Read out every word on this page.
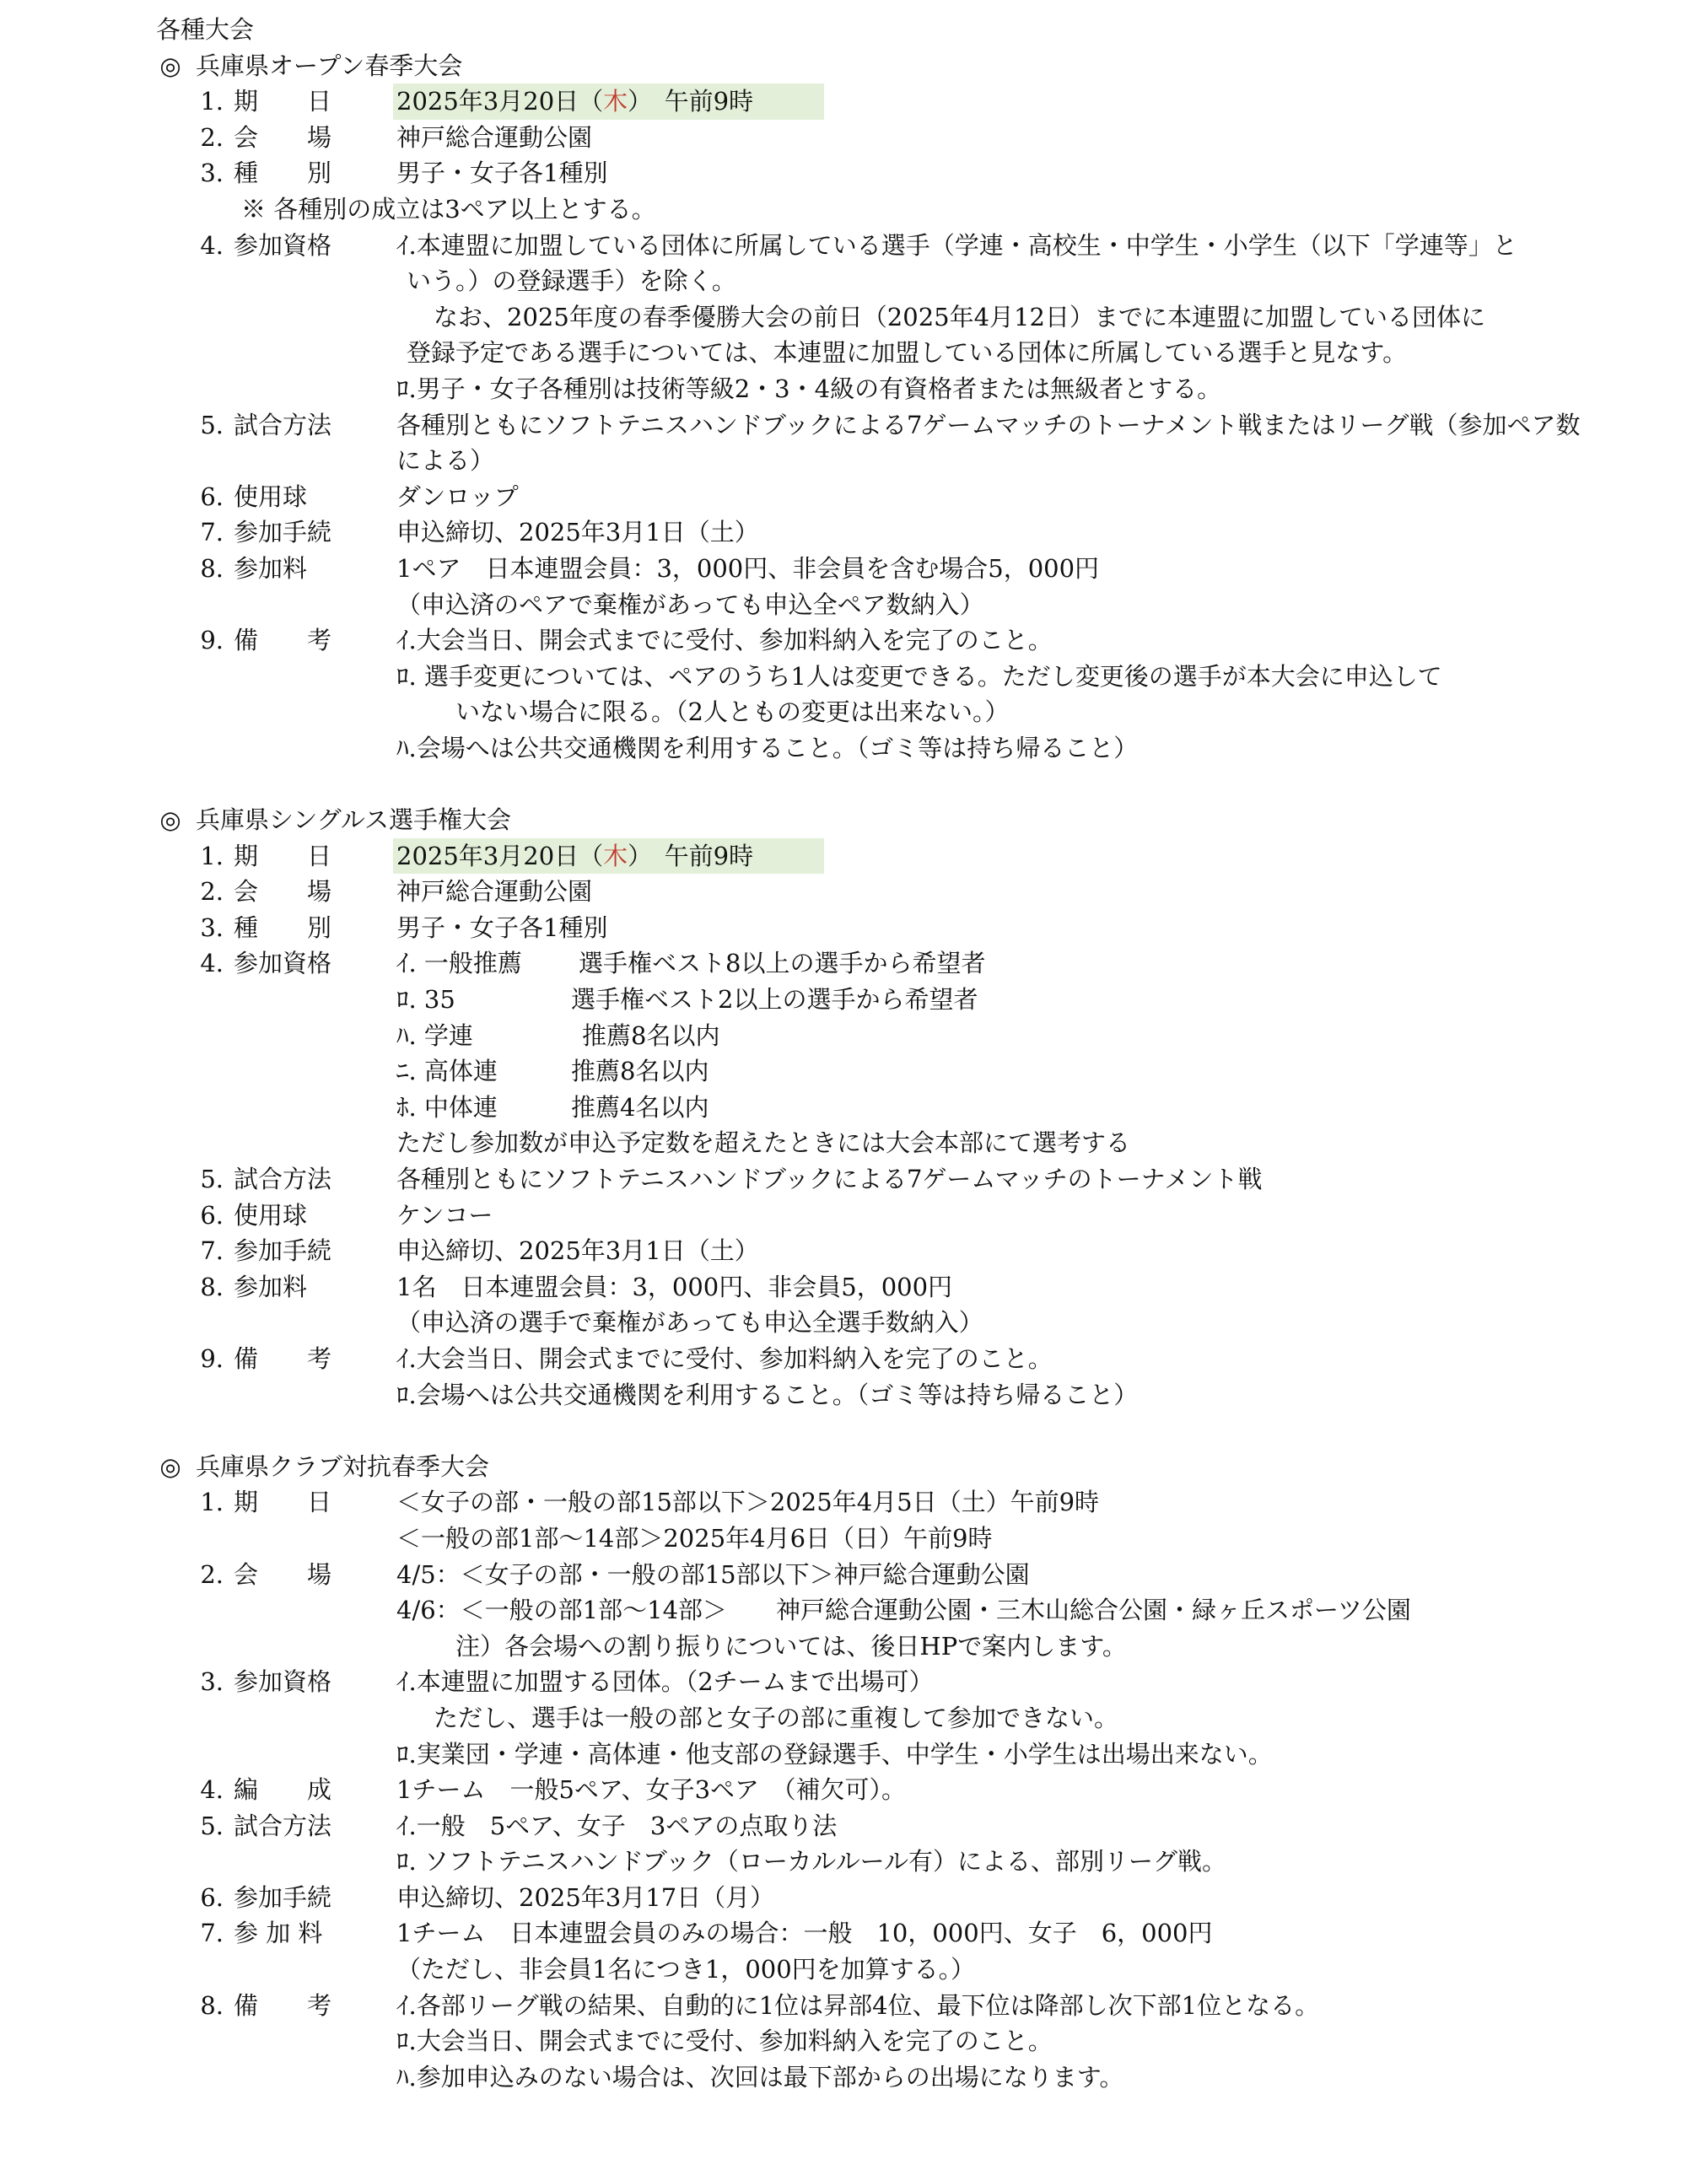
各種大会
◎ 兵庫県オープン春季大会
1. 期　　日	2025年3月20日（木）　午前9時
2. 会　　場	神戸総合運動公園
3. 種　　別	男子・女子各1種別
※ 各種別の成立は3ペア以上とする。
4. 参加資格	ｲ.本連盟に加盟している団体に所属している選手（学連・高校生・中学生・小学生（以下「学連等」と
いう。）の登録選手）を除く。
なお、2025年度の春季優勝大会の前日（2025年4月12日）までに本連盟に加盟している団体に
登録予定である選手については、本連盟に加盟している団体に所属している選手と見なす。
ﾛ.男子・女子各種別は技術等級2・3・4級の有資格者または無級者とする。
5. 試合方法	各種別ともにソフトテニスハンドブックによる7ゲームマッチのトーナメント戦またはリーグ戦（参加ペア数
による）
6. 使用球	ダンロップ
7. 参加手続	申込締切、2025年3月1日（土）
8. 参加料	1ペア　日本連盟会員：3，000円、非会員を含む場合5，000円
（申込済のペアで棄権があっても申込全ペア数納入）
9. 備　　考	ｲ.大会当日、開会式までに受付、参加料納入を完了のこと。
ﾛ. 選手変更については、ペアのうち1人は変更できる。ただし変更後の選手が本大会に申込して
いない場合に限る。（2人ともの変更は出来ない。）
ﾊ.会場へは公共交通機関を利用すること。（ゴミ等は持ち帰ること）
◎ 兵庫県シングルス選手権大会
1. 期　　日	2025年3月20日（木）　午前9時
2. 会　　場	神戸総合運動公園
3. 種　　別	男子・女子各1種別
4. 参加資格	ｲ. 一般推薦 選手権ベスト8以上の選手から希望者
ﾛ. 35	選手権ベスト2以上の選手から希望者
ﾊ. 学連	推薦8名以内
ﾆ. 高体連	推薦8名以内
ﾎ. 中体連	推薦4名以内
ただし参加数が申込予定数を超えたときには大会本部にて選考する
5. 試合方法	各種別ともにソフトテニスハンドブックによる7ゲームマッチのトーナメント戦
6. 使用球	ケンコー
7. 参加手続	申込締切、2025年3月1日（土）
8. 参加料	1名　日本連盟会員：3，000円、非会員5，000円
（申込済の選手で棄権があっても申込全選手数納入）
9. 備　　考	ｲ.大会当日、開会式までに受付、参加料納入を完了のこと。
ﾛ.会場へは公共交通機関を利用すること。（ゴミ等は持ち帰ること）
◎ 兵庫県クラブ対抗春季大会
1. 期　　日	＜女子の部・一般の部15部以下＞2025年4月5日（土）午前9時
＜一般の部1部〜14部＞2025年4月6日（日）午前9時
2. 会　　場	4/5：＜女子の部・一般の部15部以下＞神戸総合運動公園
4/6：＜一般の部1部〜14部＞　　神戸総合運動公園・三木山総合公園・緑ヶ丘スポーツ公園
注）各会場への割り振りについては、後日HPで案内します。
3. 参加資格	ｲ.本連盟に加盟する団体。（2チームまで出場可）
ただし、選手は一般の部と女子の部に重複して参加できない。
ﾛ.実業団・学連・高体連・他支部の登録選手、中学生・小学生は出場出来ない。
4. 編　　成	1チーム　一般5ペア、女子3ペア　（補欠可）。
5. 試合方法	ｲ.一般　5ペア、女子　3ペアの点取り法
ﾛ. ソフトテニスハンドブック（ローカルルール有）による、部別リーグ戦。
6. 参加手続	申込締切、2025年3月17日（月）
7. 参 加 料	1チーム　日本連盟会員のみの場合：一般　10，000円、女子　6，000円
（ただし、非会員1名につき1，000円を加算する。）
8. 備　　考	ｲ.各部リーグ戦の結果、自動的に1位は昇部4位、最下位は降部し次下部1位となる。
ﾛ.大会当日、開会式までに受付、参加料納入を完了のこと。
ﾊ.参加申込みのない場合は、次回は最下部からの出場になります。
